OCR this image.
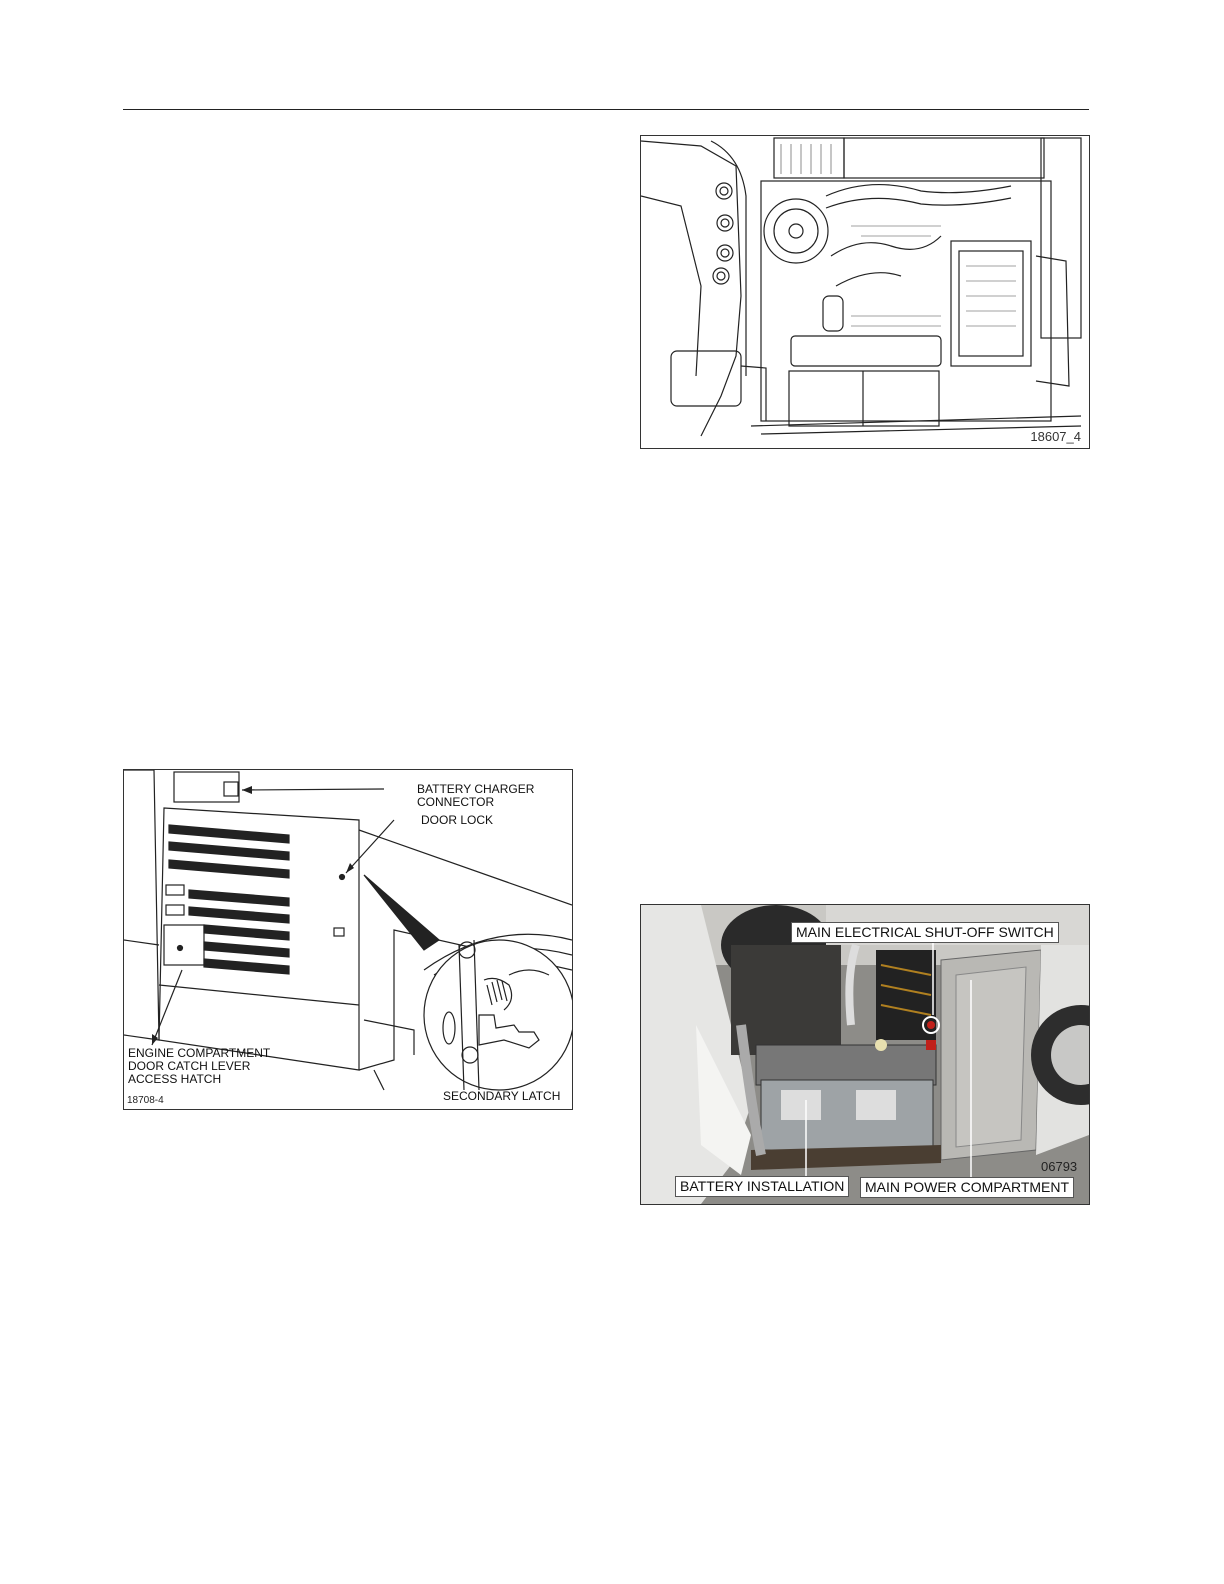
18607_4
BATTERY CHARGER
CONNECTOR
DOOR LOCK
ENGINE COMPARTMENT
DOOR CATCH LEVER
ACCESS HATCH
SECONDARY LATCH
18708-4
MAIN ELECTRICAL SHUT-OFF SWITCH
BATTERY INSTALLATION	MAIN POWER COMPARTMENT
06793
